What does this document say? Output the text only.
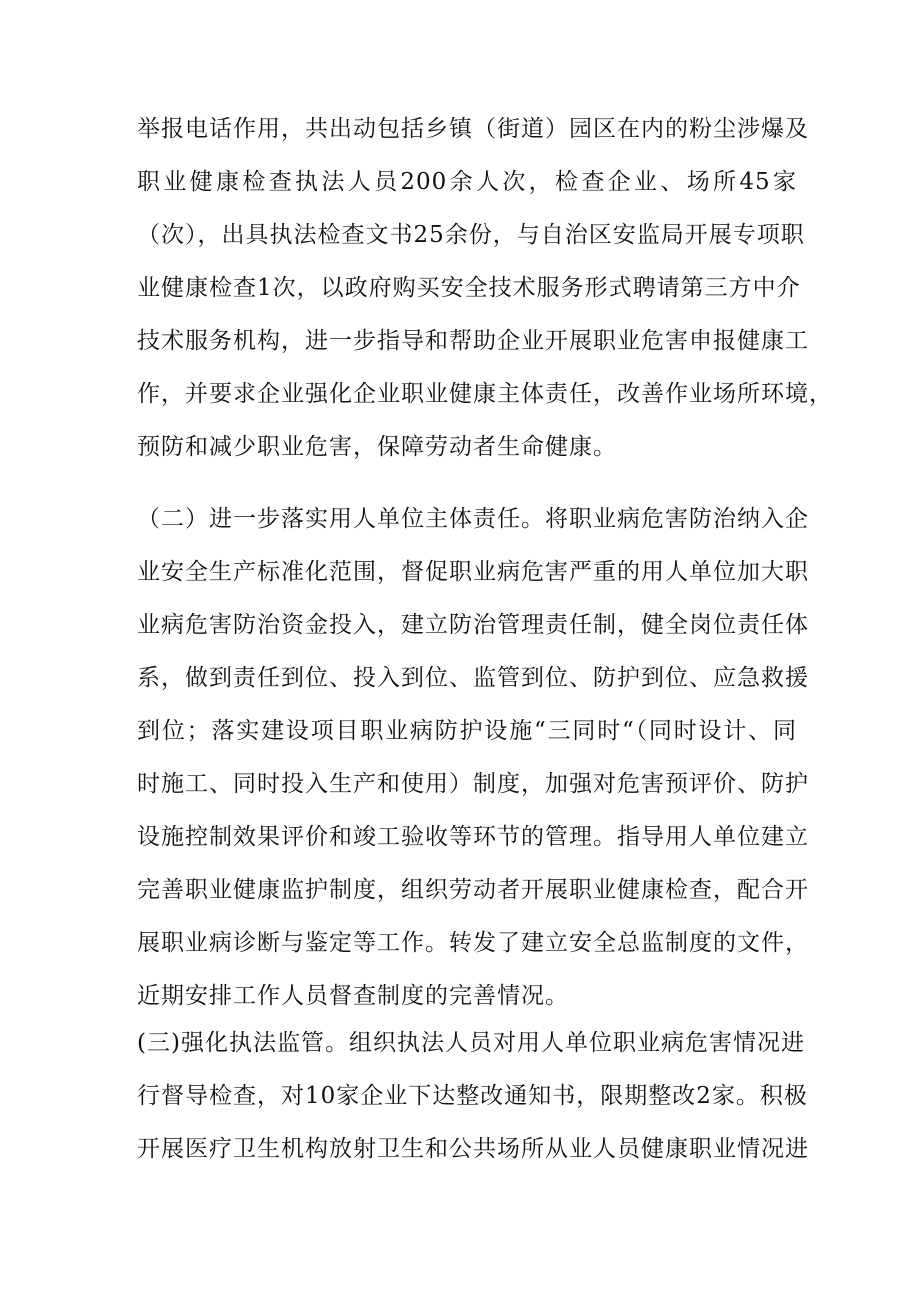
举报电话作用，共出动包括乡镇（街道）园区在内的粉尘涉爆及
职业健康检查执法人员200余人次，检查企业、场所45家
（次），出具执法检查文书25余份，与自治区安监局开展专项职
业健康检查1次，以政府购买安全技术服务形式聘请第三方中介
技术服务机构，进一步指导和帮助企业开展职业危害申报健康工
作，并要求企业强化企业职业健康主体责任，改善作业场所环境，
预防和减少职业危害，保障劳动者生命健康。
（二）进一步落实用人单位主体责任。将职业病危害防治纳入企
业安全生产标准化范围，督促职业病危害严重的用人单位加大职
业病危害防治资金投入，建立防治管理责任制，健全岗位责任体
系，做到责任到位、投入到位、监管到位、防护到位、应急救援
到位；落实建设项目职业病防护设施“三同时“（同时设计、同
时施工、同时投入生产和使用）制度，加强对危害预评价、防护
设施控制效果评价和竣工验收等环节的管理。指导用人单位建立
完善职业健康监护制度，组织劳动者开展职业健康检查，配合开
展职业病诊断与鉴定等工作。转发了建立安全总监制度的文件，
近期安排工作人员督查制度的完善情况。
(三)强化执法监管。组织执法人员对用人单位职业病危害情况进
行督导检查，对10家企业下达整改通知书，限期整改2家。积极
开展医疗卫生机构放射卫生和公共场所从业人员健康职业情况进
